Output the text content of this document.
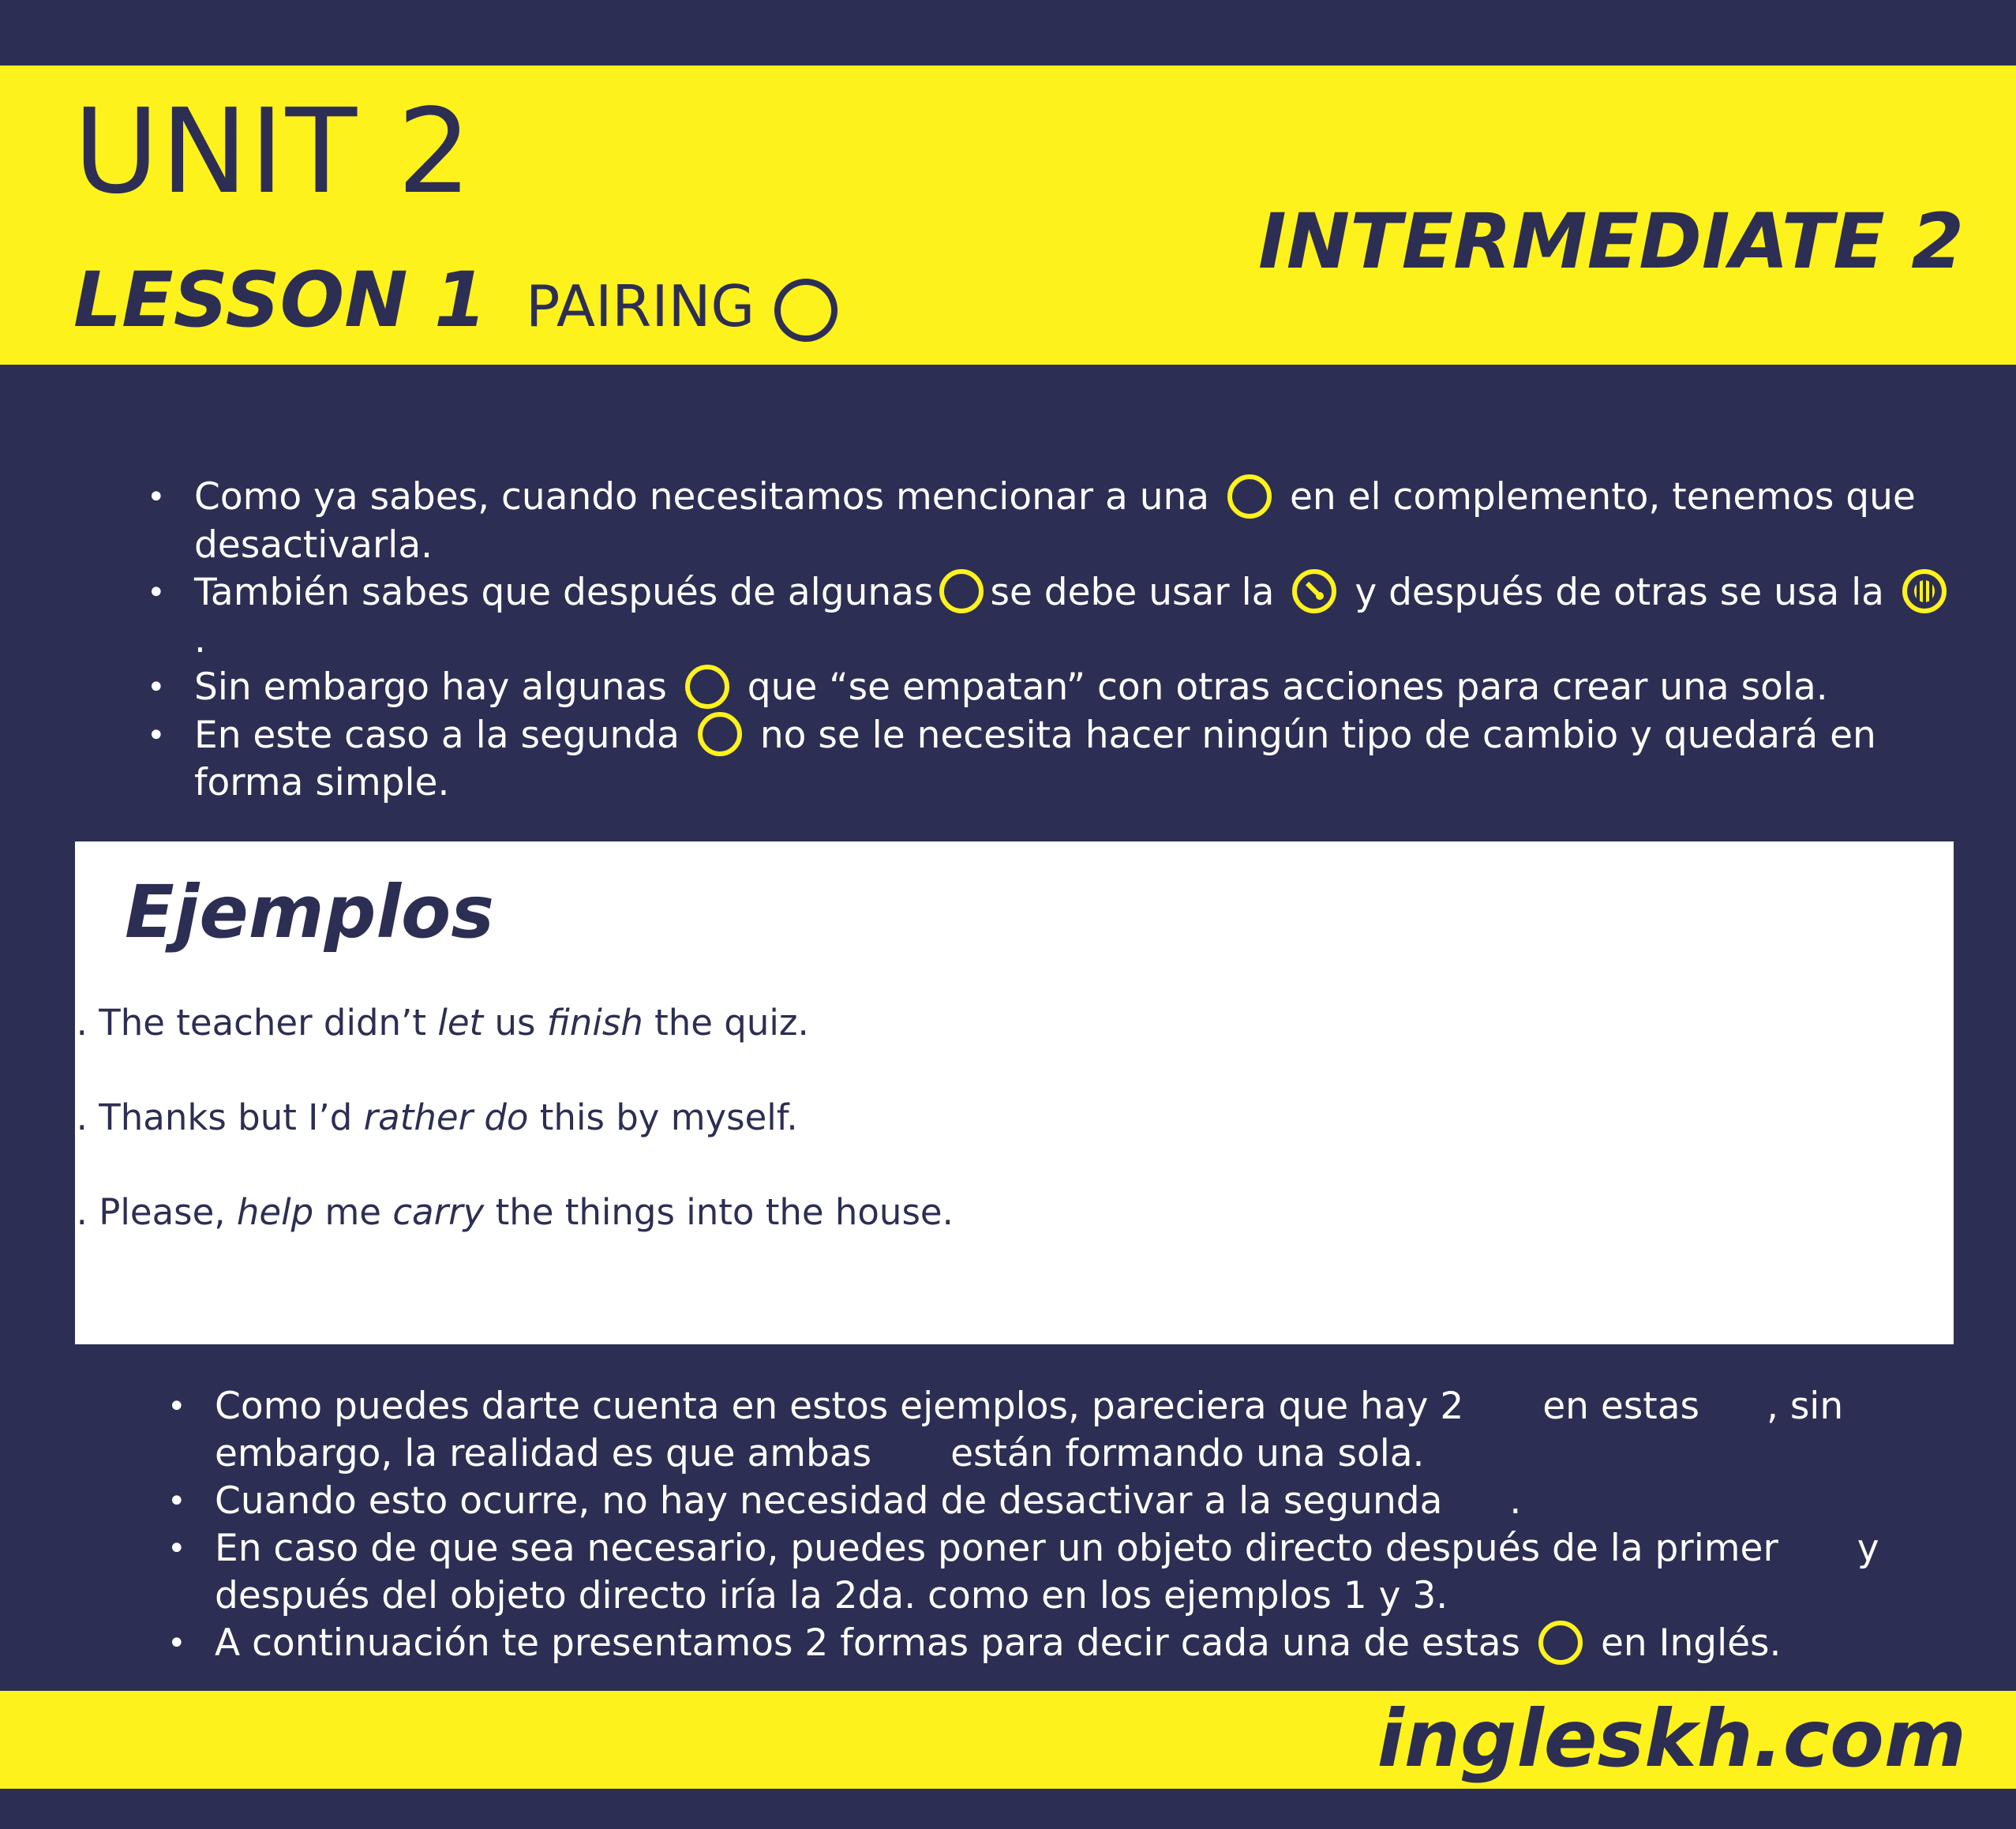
UNIT 2
LESSON 1 PAIRING
INTERMEDIATE 2
• Como ya sabes, cuando necesitamos mencionar a una en el complemento, tenemos que desactivarla.
• También sabes que después de algunas se debe usar la y después de otras se usa la  .
• Sin embargo hay algunas que “se empatan” con otras acciones para crear una sola.
• En este caso a la segunda no se le necesita hacer ningún tipo de cambio y quedará en forma simple.
Ejemplos
1. The teacher didn’t let us finish the quiz.
2. Thanks but I’d rather do this by myself.
3. Please, help me carry the things into the house.
• Como puedes darte cuenta en estos ejemplos, pareciera que hay 2 en estas , sin embargo, la realidad es que ambas están formando una sola.
• Cuando esto ocurre, no hay necesidad de desactivar a la segunda .
• En caso de que sea necesario, puedes poner un objeto directo después de la primer y después del objeto directo iría la 2da. como en los ejemplos 1 y 3.
• A continuación te presentamos 2 formas para decir cada una de estas en Inglés.
ingleskh.com
